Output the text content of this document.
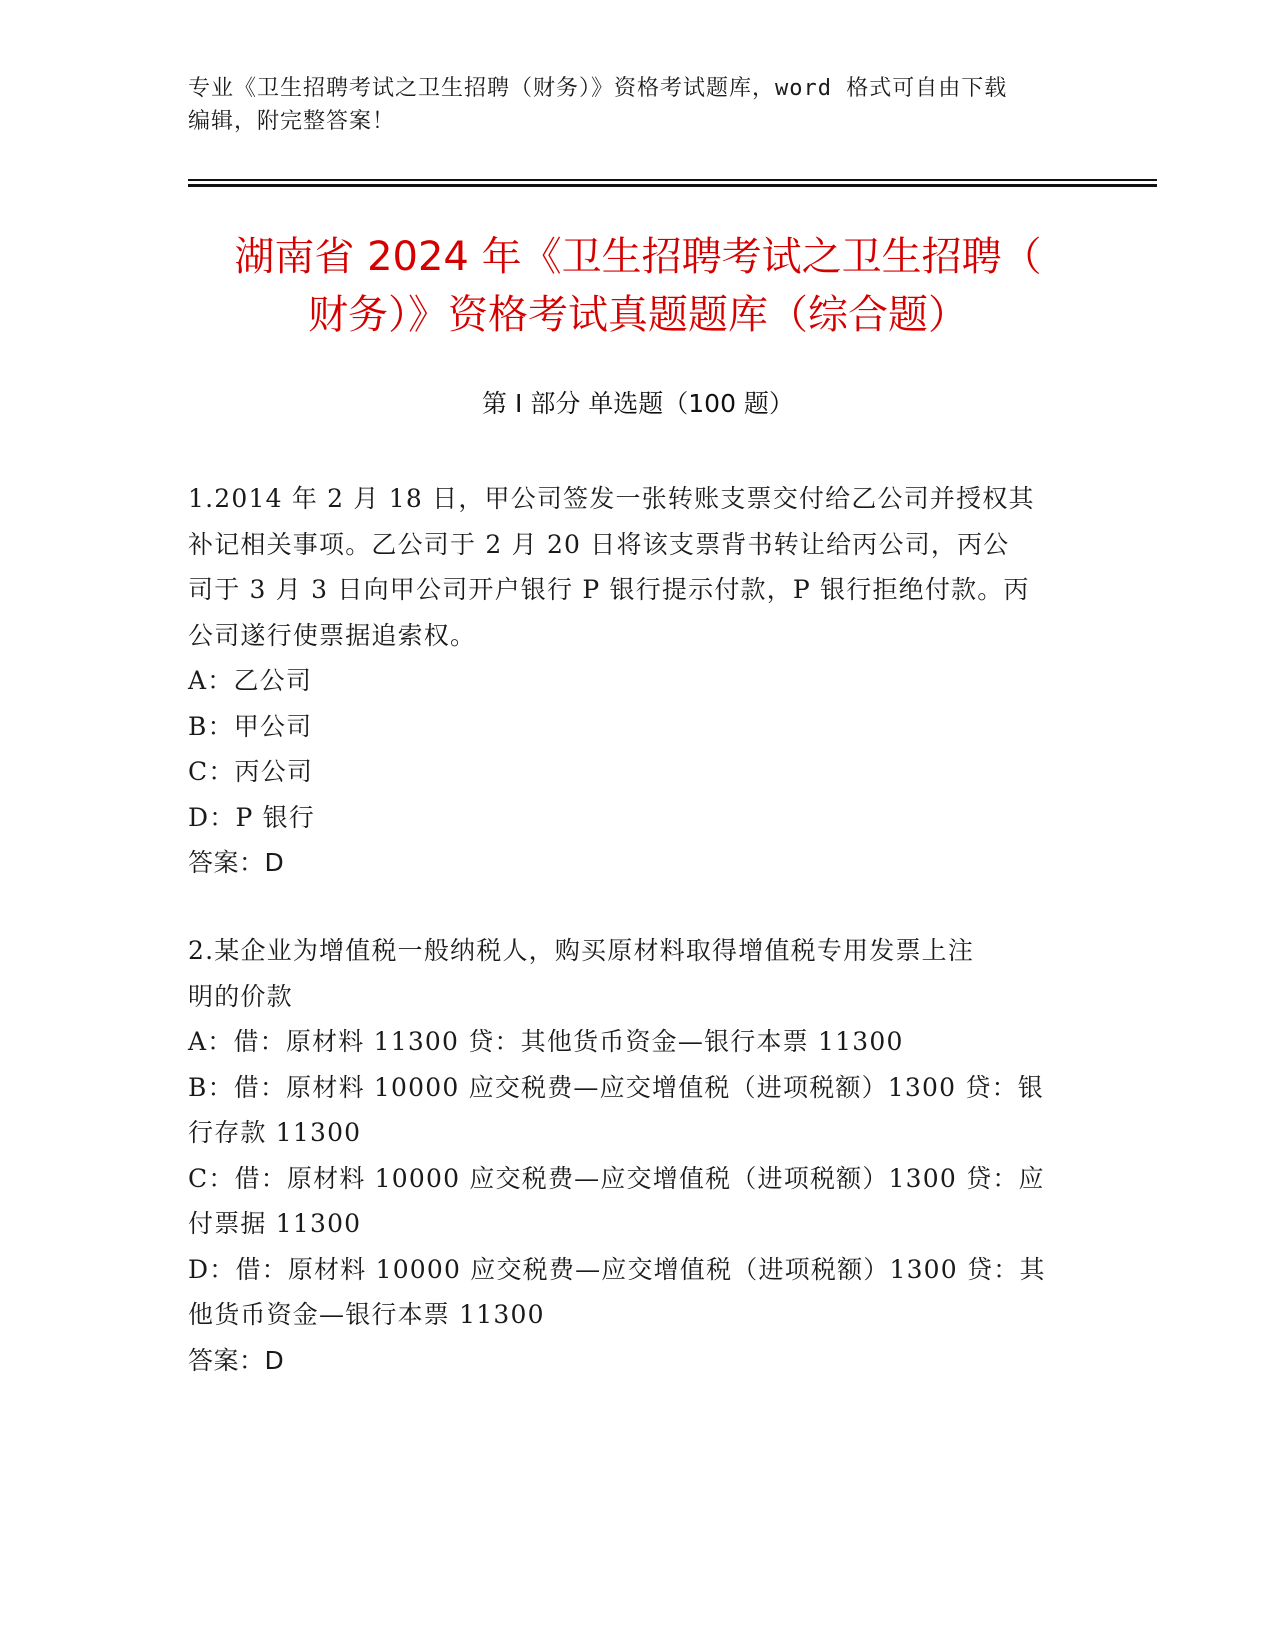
专业《卫生招聘考试之卫生招聘（财务）》资格考试题库，word 格式可自由下载
编辑，附完整答案！
湖南省 2024 年《卫生招聘考试之卫生招聘（
财务）》资格考试真题题库（综合题）
第 I 部分 单选题（100 题）
1.2014 年 2 月 18 日，甲公司签发一张转账支票交付给乙公司并授权其
补记相关事项。乙公司于 2 月 20 日将该支票背书转让给丙公司，丙公
司于 3 月 3 日向甲公司开户银行 P 银行提示付款，P 银行拒绝付款。丙
公司遂行使票据追索权。
A：乙公司
B：甲公司
C：丙公司
D：P 银行
答案：D
2.某企业为增值税一般纳税人，购买原材料取得增值税专用发票上注
明的价款
A：借：原材料 11300 贷：其他货币资金—银行本票 11300
B：借：原材料 10000 应交税费—应交增值税（进项税额）1300 贷：银
行存款 11300
C：借：原材料 10000 应交税费—应交增值税（进项税额）1300 贷：应
付票据 11300
D：借：原材料 10000 应交税费—应交增值税（进项税额）1300 贷：其
他货币资金—银行本票 11300
答案：D
